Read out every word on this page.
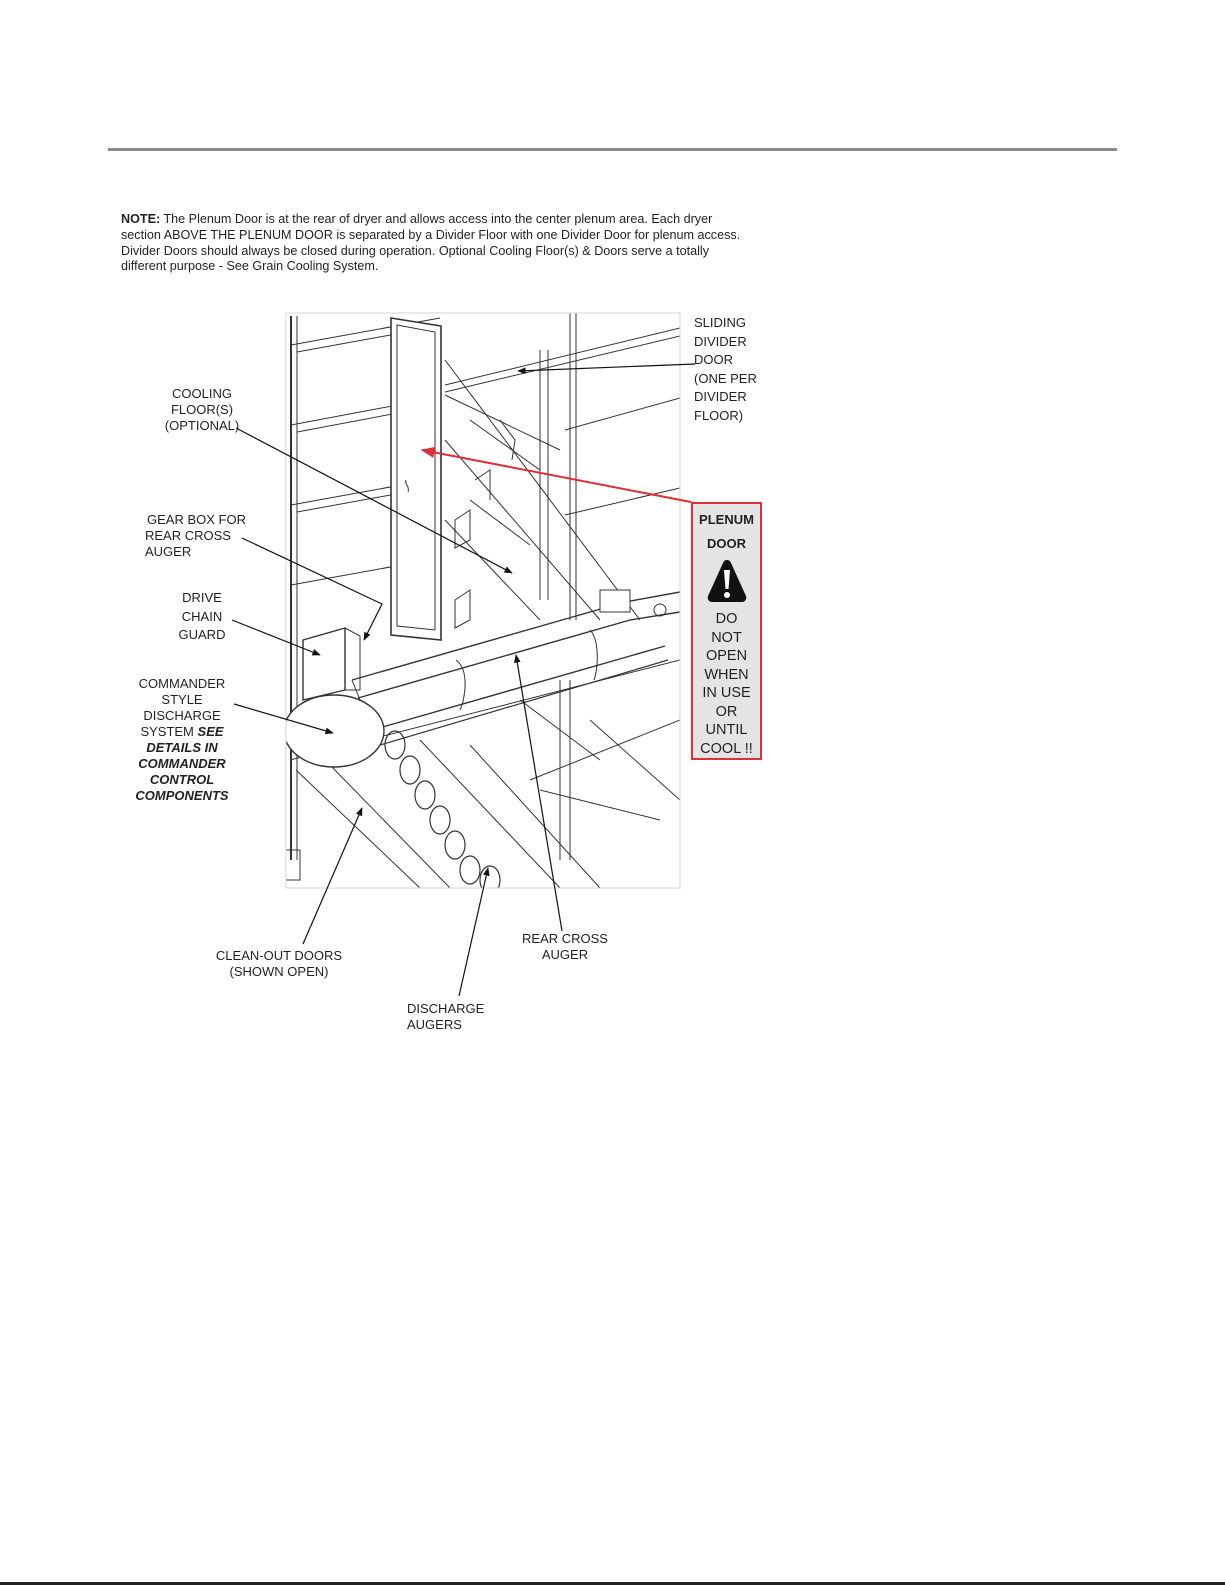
NOTE: The Plenum Door is at the rear of dryer and allows access into the center plenum area. Each dryer
section ABOVE THE PLENUM DOOR is separated by a Divider Floor with one Divider Door for plenum access.
Divider Doors should always be closed during operation. Optional Cooling Floor(s) & Doors serve a totally
different purpose - See Grain Cooling System.

SLIDING
DIVIDER
DOOR
(ONE PER
DIVIDER
FLOOR)
COOLING
FLOOR(S)
(OPTIONAL)
GEAR BOX FOR
REAR CROSS
AUGER
DRIVE
CHAIN
GUARD
COMMANDER
STYLE
DISCHARGE
SYSTEM SEE
DETAILS IN
COMMANDER
CONTROL
COMPONENTS
CLEAN-OUT DOORS
(SHOWN OPEN)
REAR CROSS
AUGER
DISCHARGE
AUGERS
PLENUM
DOOR
DO
NOT
OPEN
WHEN
IN USE
OR
UNTIL
COOL !!
